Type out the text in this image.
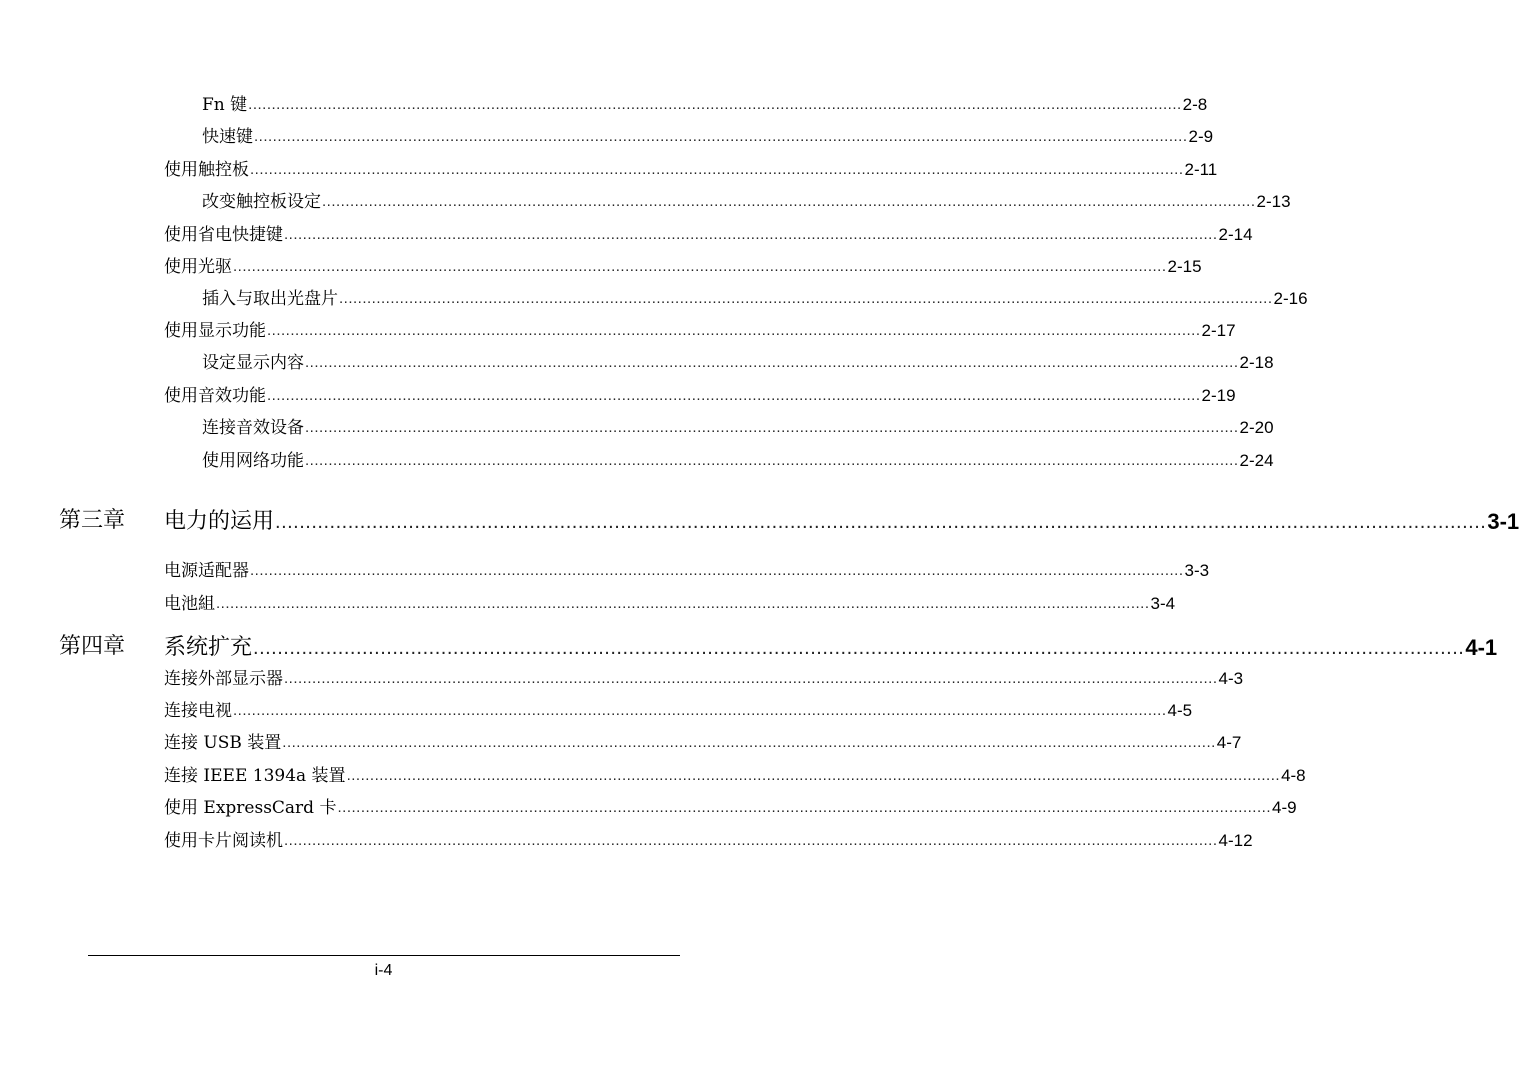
Fn 键 ........................................................................................................................................................................................................ 2-8
快速键 ........................................................................................................................................................................................................ 2-9
使用触控板 ........................................................................................................................................................................................................ 2-11
改变触控板设定 ........................................................................................................................................................................................................ 2-13
使用省电快捷键 ........................................................................................................................................................................................................ 2-14
使用光驱 ........................................................................................................................................................................................................ 2-15
插入与取出光盘片 ........................................................................................................................................................................................................ 2-16
使用显示功能 ........................................................................................................................................................................................................ 2-17
设定显示内容 ........................................................................................................................................................................................................ 2-18
使用音效功能 ........................................................................................................................................................................................................ 2-19
连接音效设备 ........................................................................................................................................................................................................ 2-20
使用网络功能 ........................................................................................................................................................................................................ 2-24
第三章 电力的运用 ........................................................................................................................................................................................................ 3-1
电源适配器 ........................................................................................................................................................................................................ 3-3
电池組 ........................................................................................................................................................................................................ 3-4
第四章 系统扩充 ........................................................................................................................................................................................................ 4-1
连接外部显示器 ........................................................................................................................................................................................................ 4-3
连接电视 ........................................................................................................................................................................................................ 4-5
连接 USB 装置 ........................................................................................................................................................................................................ 4-7
连接 IEEE 1394a 装置 ........................................................................................................................................................................................................ 4-8
使用 ExpressCard 卡 ........................................................................................................................................................................................................ 4-9
使用卡片阅读机 ........................................................................................................................................................................................................ 4-12
i-4
